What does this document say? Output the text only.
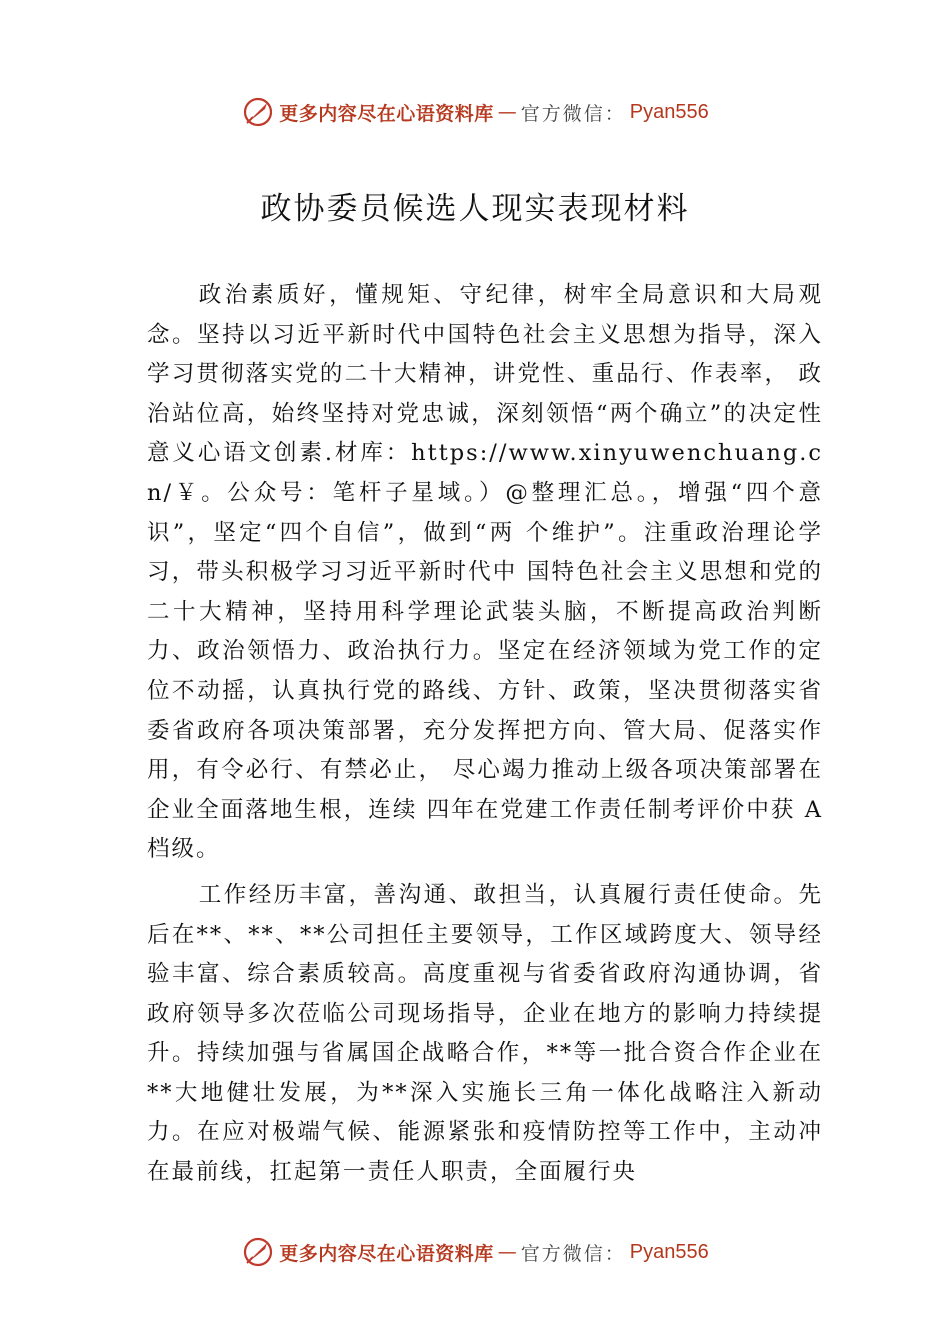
更多内容尽在心语资料库 — 官方微信： Pyan556
政协委员候选人现实表现材料

政治素质好，懂规矩、守纪律，树牢全局意识和大局观念。坚持以习近平新时代中国特色社会主义思想为指导，深入学习贯彻落实党的二十大精神，讲党性、重品行、作表率， 政治站位高，始终坚持对党忠诚，深刻领悟“两个确立”的决定性意义心语文创素.材库：https://www.xinyuwenchuang.cn/￥。公众号：笔杆子星域。）@整理汇总。，增强“四个意识”，坚定“四个自信”，做到“两 个维护”。注重政治理论学习，带头积极学习习近平新时代中 国特色社会主义思想和党的二十大精神，坚持用科学理论武装头脑，不断提高政治判断力、政治领悟力、政治执行力。坚定在经济领域为党工作的定位不动摇，认真执行党的路线、方针、政策，坚决贯彻落实省委省政府各项决策部署，充分发挥把方向、管大局、促落实作用，有令必行、有禁必止， 尽心竭力推动上级各项决策部署在企业全面落地生根，连续 四年在党建工作责任制考评价中获 A 档级。

工作经历丰富，善沟通、敢担当，认真履行责任使命。先后在**、**、**公司担任主要领导，工作区域跨度大、领导经验丰富、综合素质较高。高度重视与省委省政府沟通协调，省政府领导多次莅临公司现场指导，企业在地方的影响力持续提升。持续加强与省属国企战略合作，**等一批合资合作企业在**大地健壮发展，为**深入实施长三角一体化战略注入新动力。在应对极端气候、能源紧张和疫情防控等工作中，主动冲在最前线，扛起第一责任人职责，全面履行央

更多内容尽在心语资料库 — 官方微信： Pyan556
